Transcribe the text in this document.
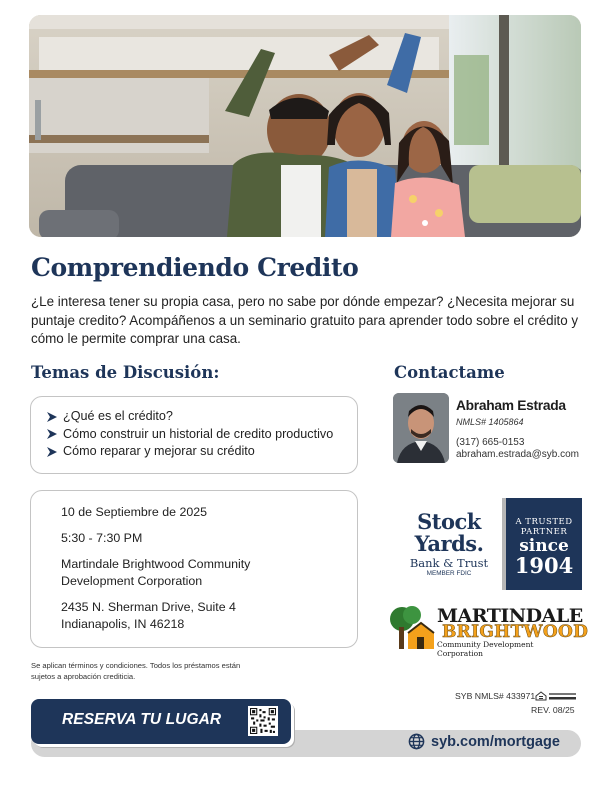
Comprendiendo Credito

¿Le interesa tener su propia casa, pero no sabe por dónde empezar? ¿Necesita mejorar su puntaje credito? Acompáñenos a un seminario gratuito para aprender todo sobre el crédito y cómo le permite comprar una casa.

Temas de Discusión:	Contactame
¿Qué es el crédito?
Cómo construir un historial de credito productivo
Cómo reparar y mejorar su crédito
10 de Septiembre de 2025
5:30 - 7:30 PM
Martindale Brightwood Community
Development Corporation
2435 N. Sherman Drive, Suite 4
Indianapolis, IN 46218
Abraham Estrada
NMLS# 1405864
(317) 665-0153
abraham.estrada@syb.com
Stock
Yards.
Bank & Trust
MEMBER FDIC
A TRUSTED
PARTNER
since
1904
MARTINDALE
BRIGHTWOOD
Community Development Corporation

Se aplican términos y condiciones. Todos los préstamos están sujetos a aprobación crediticia.

SYB NMLS# 433971
REV. 08/25
RESERVA TU LUGAR
syb.com/mortgage
